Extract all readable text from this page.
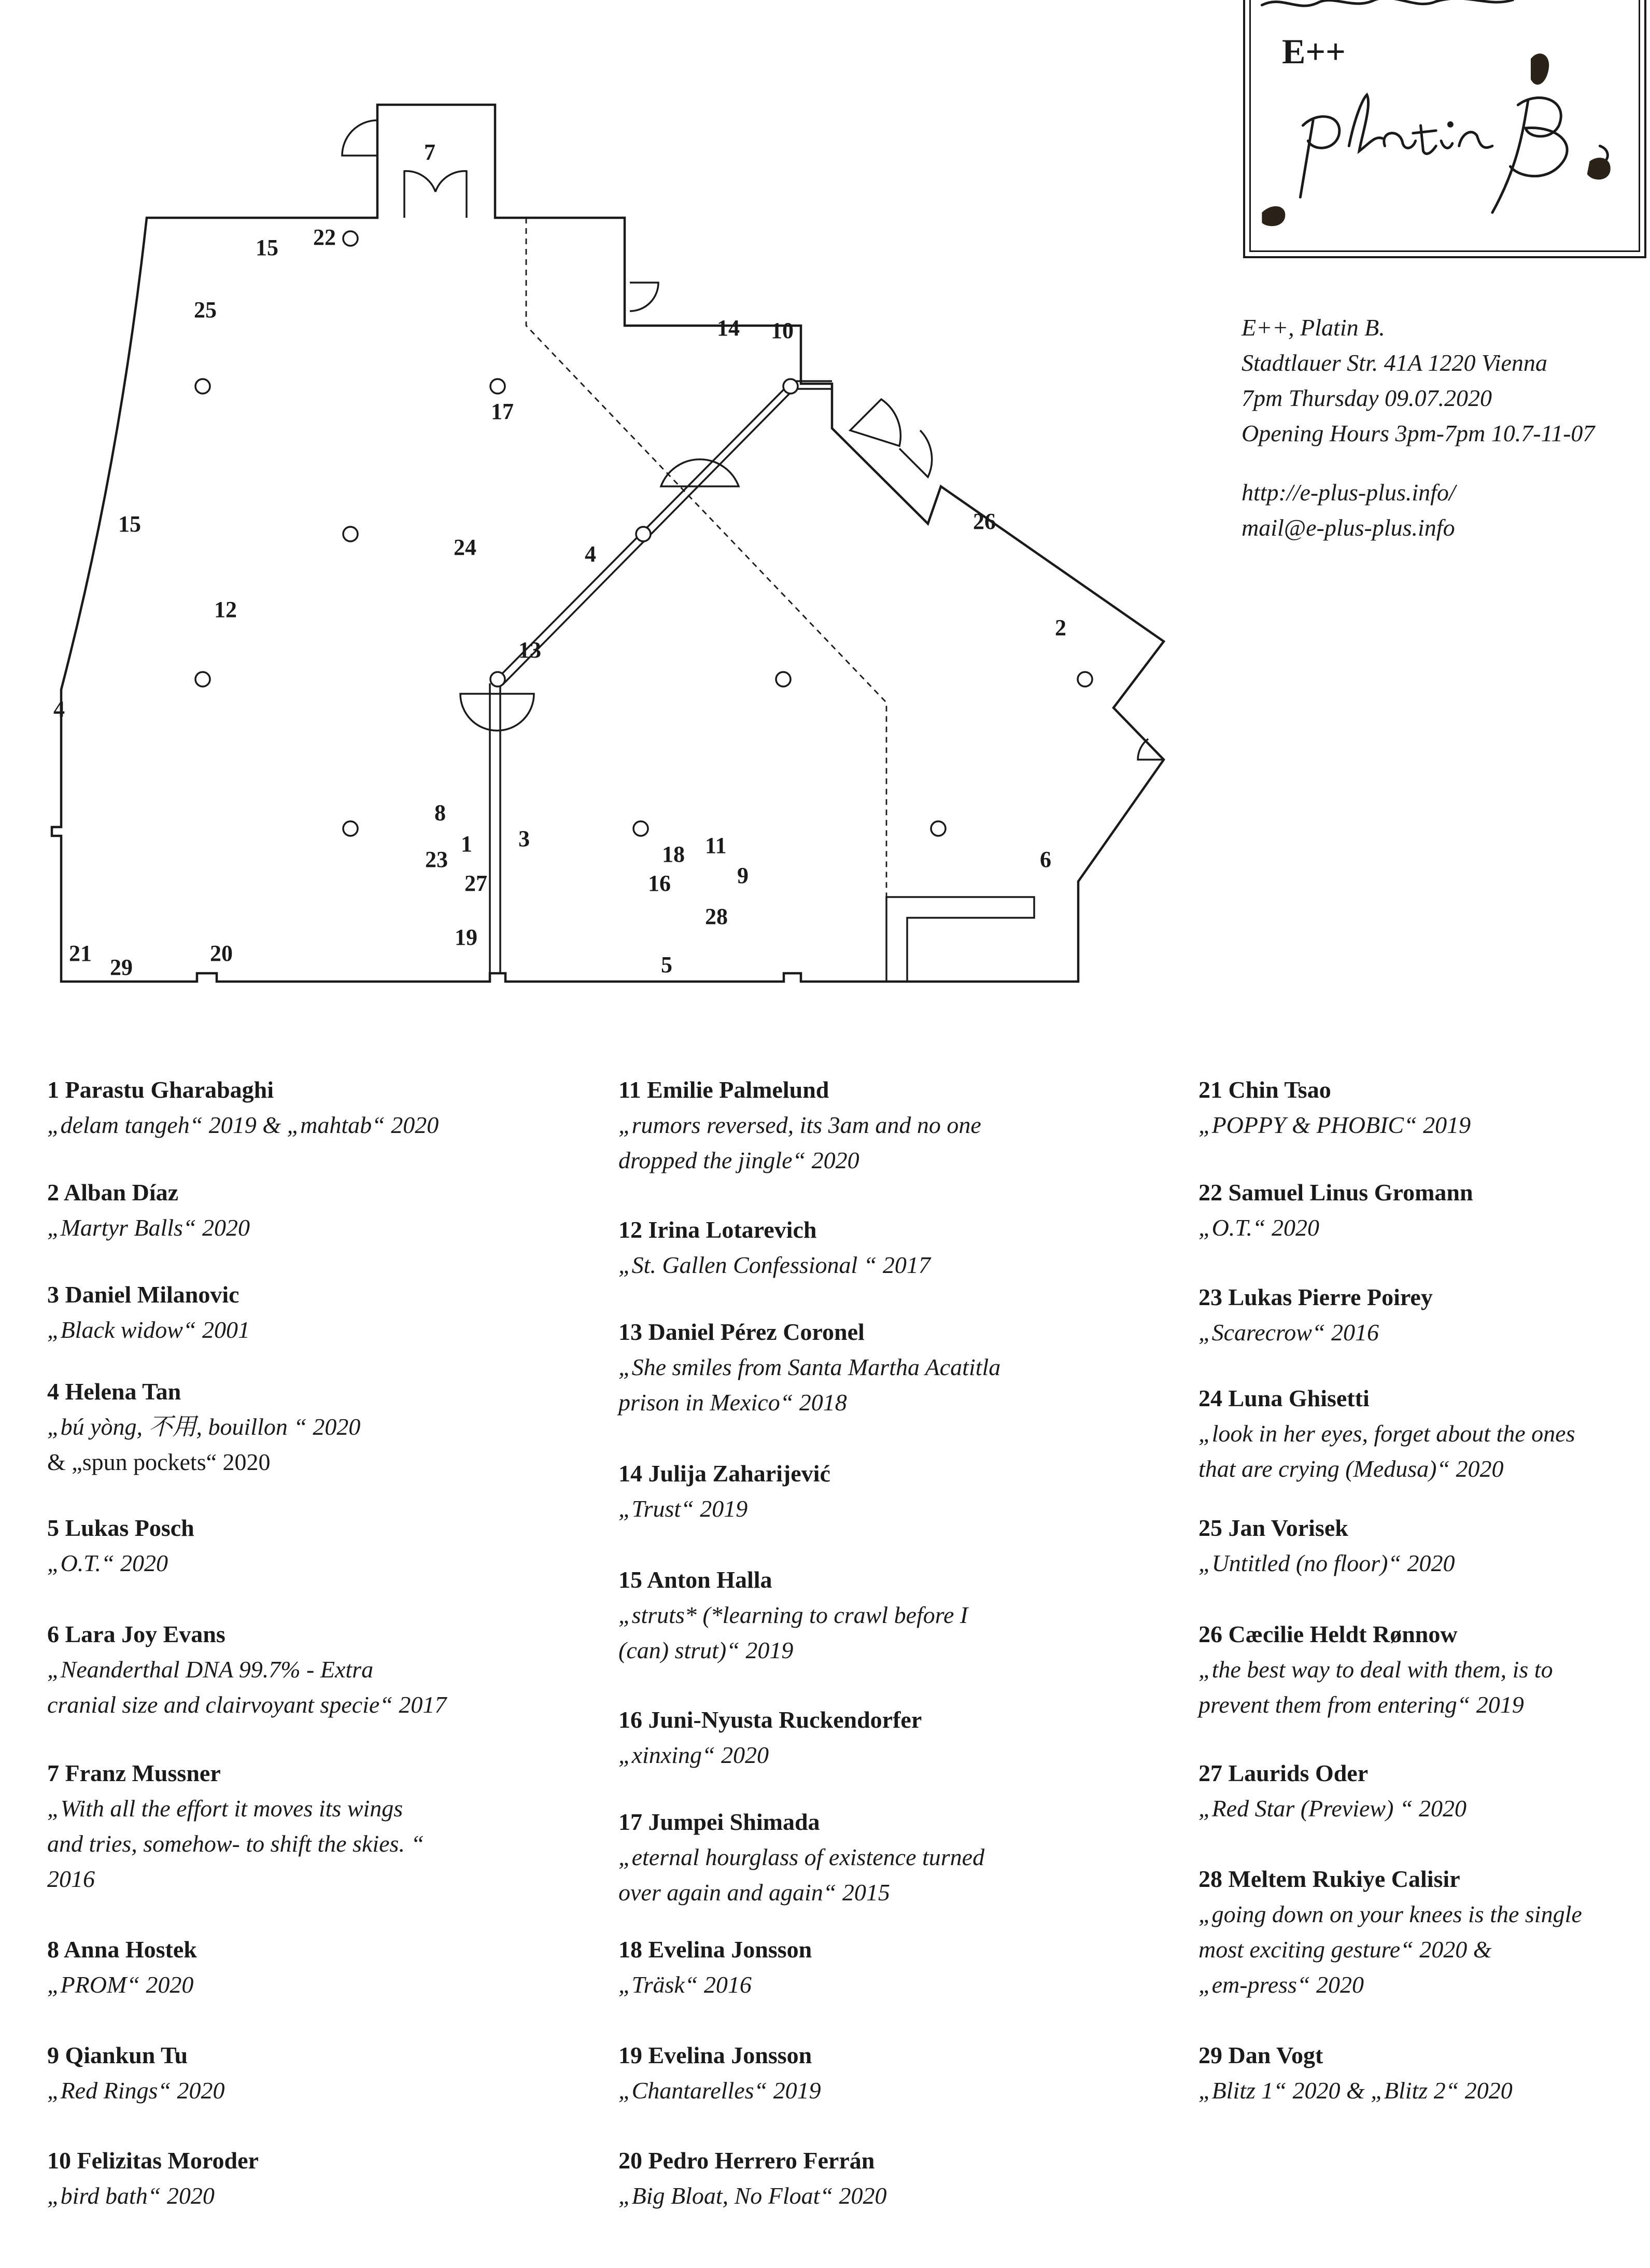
7
15 22
25
14 10
17
15
24	4
26
12
2
13
4
8
3
1	11
18
23	6
9
27	16
28
19
21	20
29	5
E++
E++, Platin B.
Stadtlauer Str. 41A 1220 Vienna
7pm Thursday 09.07.2020
Opening Hours 3pm-7pm 10.7-11-07
http://e-plus-plus.info/
mail@e-plus-plus.info
1 Parastu Gharabaghi
„delam tangeh“ 2019 & „mahtab“ 2020
2 Alban Díaz
„Martyr Balls“ 2020
3 Daniel Milanovic
„Black widow“ 2001
4 Helena Tan
„bú yòng, 不用, bouillon “ 2020
& „spun pockets“ 2020
5 Lukas Posch
„O.T.“ 2020
6 Lara Joy Evans
„Neanderthal DNA 99.7% - Extra
cranial size and clairvoyant specie“ 2017
7 Franz Mussner
„With all the effort it moves its wings
and tries, somehow- to shift the skies. “
2016
8 Anna Hostek
„PROM“ 2020
9 Qiankun Tu
„Red Rings“ 2020
10 Felizitas Moroder
„bird bath“ 2020
11 Emilie Palmelund
„rumors reversed, its 3am and no one
dropped the jingle“ 2020
12 Irina Lotarevich
„St. Gallen Confessional “ 2017
13 Daniel Pérez Coronel
„She smiles from Santa Martha Acatitla
prison in Mexico“ 2018
14 Julija Zaharijević
„Trust“ 2019
15 Anton Halla
„struts* (*learning to crawl before I
(can) strut)“ 2019
16 Juni-Nyusta Ruckendorfer
„xinxing“ 2020
17 Jumpei Shimada
„eternal hourglass of existence turned
over again and again“ 2015
18 Evelina Jonsson
„Träsk“ 2016
19 Evelina Jonsson
„Chantarelles“ 2019
20 Pedro Herrero Ferrán
„Big Bloat, No Float“ 2020
21 Chin Tsao
„POPPY & PHOBIC“ 2019
22 Samuel Linus Gromann
„O.T.“ 2020
23 Lukas Pierre Poirey
„Scarecrow“ 2016
24 Luna Ghisetti
„look in her eyes, forget about the ones
that are crying (Medusa)“ 2020
25 Jan Vorisek
„Untitled (no floor)“ 2020
26 Cæcilie Heldt Rønnow
„the best way to deal with them, is to
prevent them from entering“ 2019
27 Laurids Oder
„Red Star (Preview) “ 2020
28 Meltem Rukiye Calisir
„going down on your knees is the single
most exciting gesture“ 2020 &
„em-press“ 2020
29 Dan Vogt
„Blitz 1“ 2020 & „Blitz 2“ 2020
